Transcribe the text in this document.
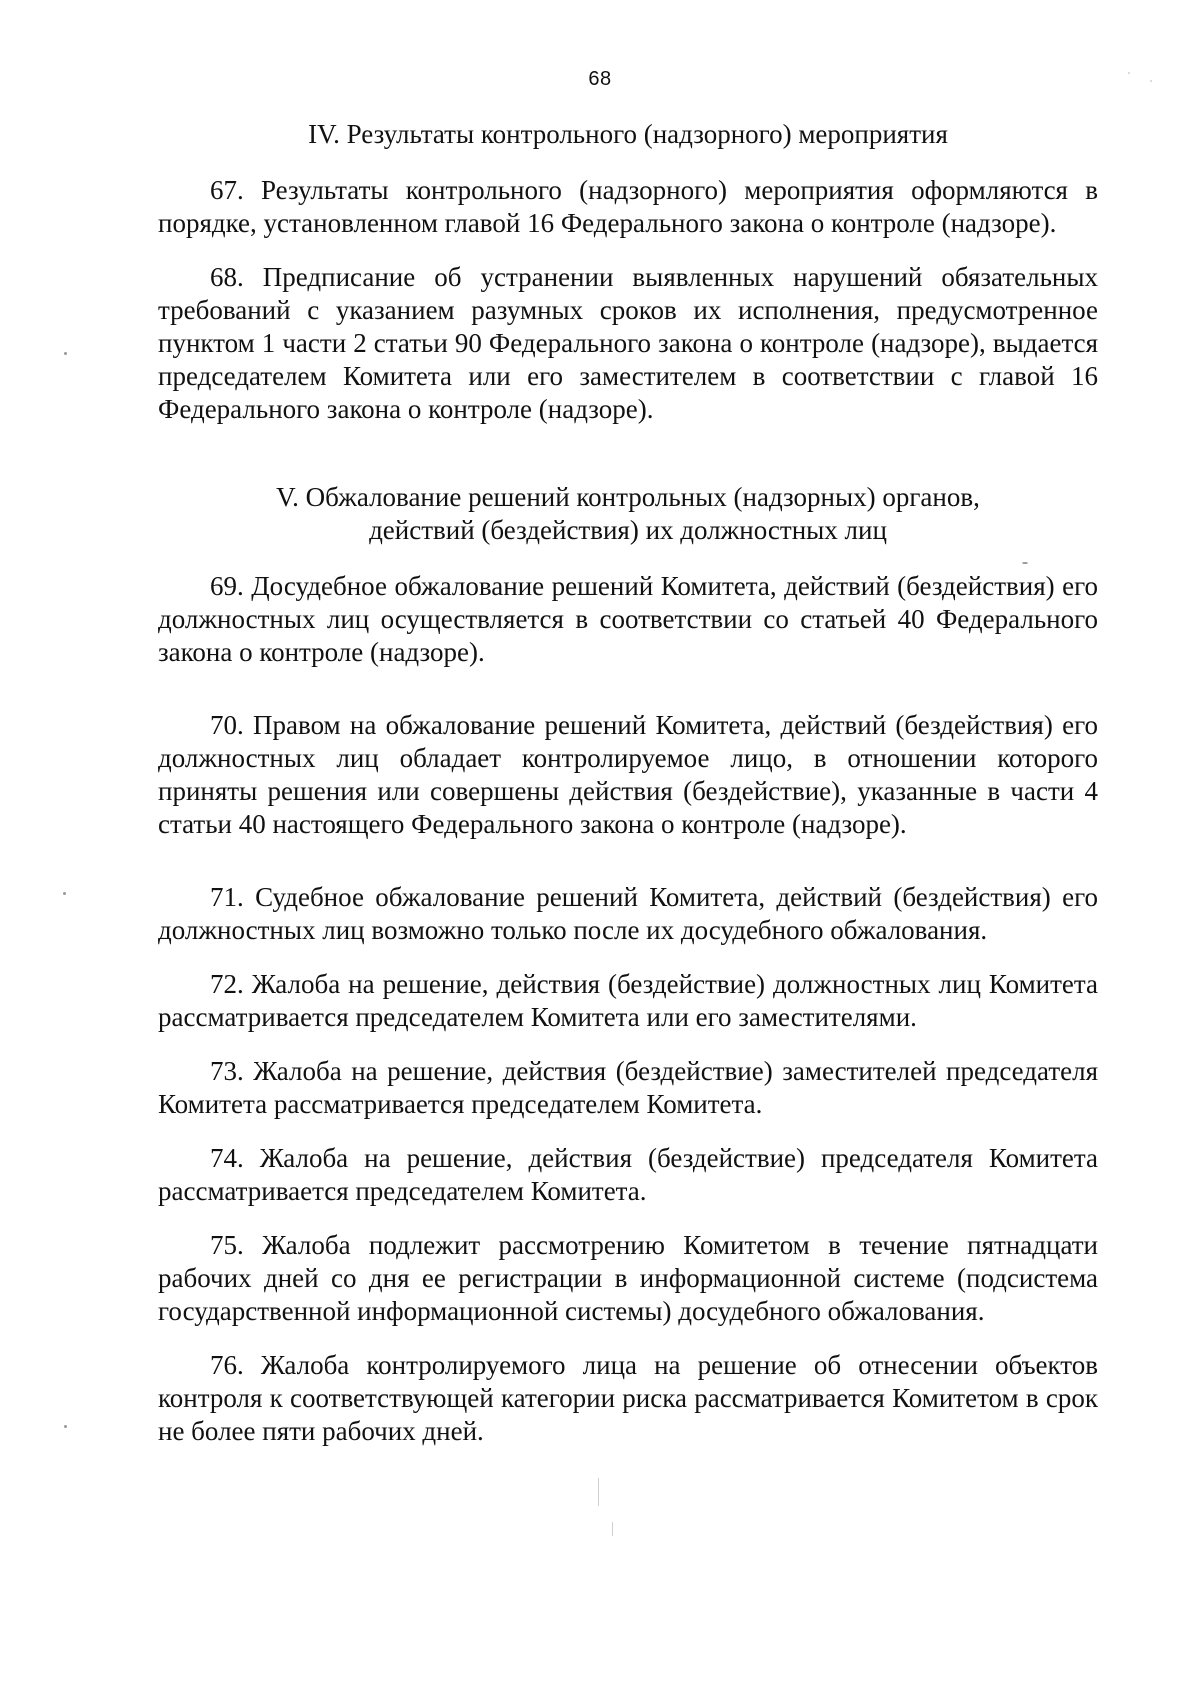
68
IV. Результаты контрольного (надзорного) мероприятия

67. Результаты контрольного (надзорного) мероприятия оформляются в порядке, установленном главой 16 Федерального закона о контроле (надзоре).

68. Предписание об устранении выявленных нарушений обязательных требований с указанием разумных сроков их исполнения, предусмотренное пунктом 1 части 2 статьи 90 Федерального закона о контроле (надзоре), выдается председателем Комитета или его заместителем в соответствии с главой 16 Федерального закона о контроле (надзоре).

V. Обжалование решений контрольных (надзорных) органов,
действий (бездействия) их должностных лиц

69. Досудебное обжалование решений Комитета, действий (бездействия) его должностных лиц осуществляется в соответствии со статьей 40 Федерального закона о контроле (надзоре).

70. Правом на обжалование решений Комитета, действий (бездействия) его должностных лиц обладает контролируемое лицо, в отношении которого приняты решения или совершены действия (бездействие), указанные в части 4 статьи 40 настоящего Федерального закона о контроле (надзоре).

71. Судебное обжалование решений Комитета, действий (бездействия) его должностных лиц возможно только после их досудебного обжалования.

72. Жалоба на решение, действия (бездействие) должностных лиц Комитета рассматривается председателем Комитета или его заместителями.

73. Жалоба на решение, действия (бездействие) заместителей председателя Комитета рассматривается председателем Комитета.

74. Жалоба на решение, действия (бездействие) председателя Комитета рассматривается председателем Комитета.

75. Жалоба подлежит рассмотрению Комитетом в течение пятнадцати рабочих дней со дня ее регистрации в информационной системе (подсистема государственной информационной системы) досудебного обжалования.

76. Жалоба контролируемого лица на решение об отнесении объектов контроля к соответствующей категории риска рассматривается Комитетом в срок не более пяти рабочих дней.
